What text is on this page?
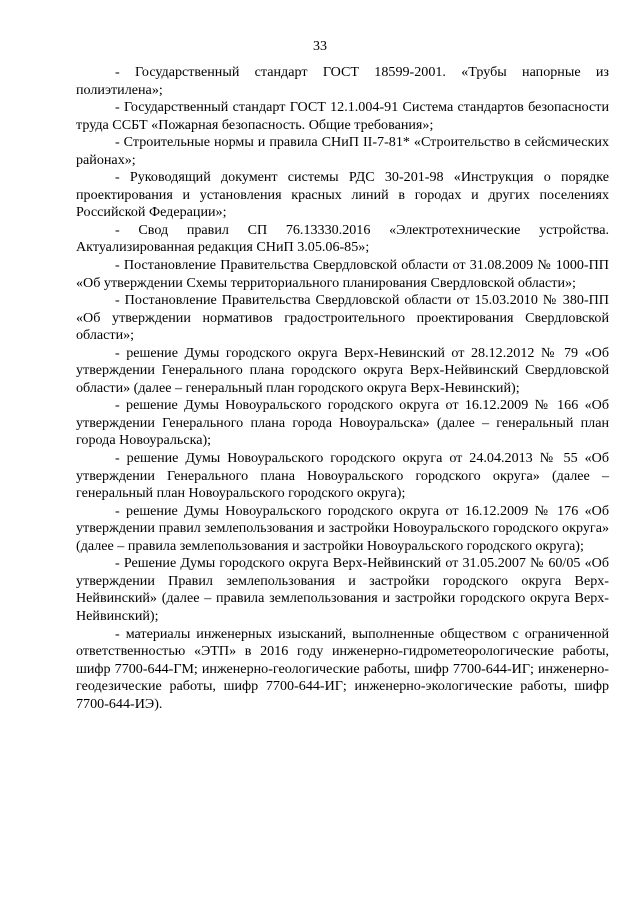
33

- Государственный стандарт ГОСТ 18599-2001. «Трубы напорные из полиэтилена»;

- Государственный стандарт ГОСТ 12.1.004-91 Система стандартов безопасности труда ССБТ «Пожарная безопасность. Общие требования»;

- Строительные нормы и правила СНиП II-7-81* «Строительство в сейсмических районах»;

- Руководящий документ системы РДС 30-201-98 «Инструкция о порядке проектирования и установления красных линий в городах и других поселениях Российской Федерации»;

- Свод правил СП 76.13330.2016 «Электротехнические устройства. Актуализированная редакция СНиП 3.05.06-85»;

- Постановление Правительства Свердловской области от 31.08.2009 № 1000-ПП «Об утверждении Схемы территориального планирования Свердловской области»;

- Постановление Правительства Свердловской области от 15.03.2010 № 380-ПП «Об утверждении нормативов градостроительного проектирования Свердловской области»;

- решение Думы городского округа Верх-Невинский от 28.12.2012 № 79 «Об утверждении Генерального плана городского округа Верх-Нейвинский Свердловской области» (далее – генеральный план городского округа Верх-Невинский);

- решение Думы Новоуральского городского округа от 16.12.2009 № 166 «Об утверждении Генерального плана города Новоуральска» (далее – генеральный план города Новоуральска);

- решение Думы Новоуральского городского округа от 24.04.2013 № 55 «Об утверждении Генерального плана Новоуральского городского округа» (далее – генеральный план Новоуральского городского округа);

- решение Думы Новоуральского городского округа от 16.12.2009 № 176 «Об утверждении правил землепользования и застройки Новоуральского городского округа» (далее – правила землепользования и застройки Новоуральского городского округа);

- Решение Думы городского округа Верх-Нейвинский от 31.05.2007 № 60/05 «Об утверждении Правил землепользования и застройки городского округа Верх-Нейвинский» (далее – правила землепользования и застройки городского округа Верх-Нейвинский);

- материалы инженерных изысканий, выполненные обществом с ограниченной ответственностью «ЭТП» в 2016 году инженерно-гидрометеорологические работы, шифр 7700-644-ГМ; инженерно-геологические работы, шифр 7700-644-ИГ; инженерно-геодезические работы, шифр 7700-644-ИГ; инженерно-экологические работы, шифр 7700-644-ИЭ).
